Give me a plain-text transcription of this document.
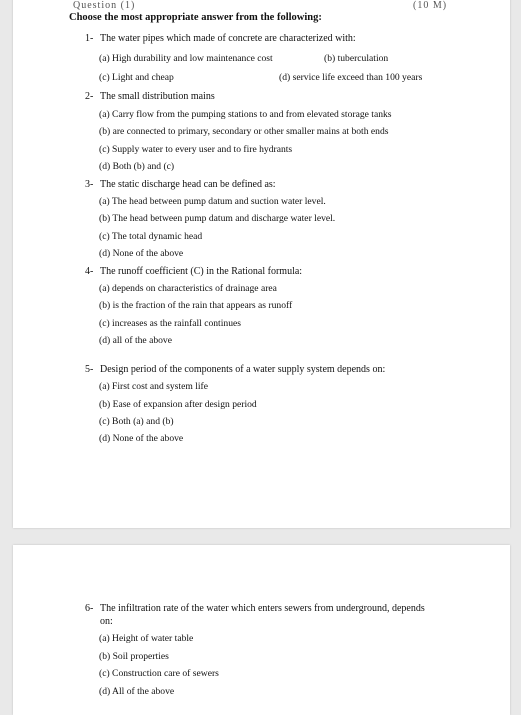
Question (1)	(10 M)
Choose the most appropriate answer from the following:
1- The water pipes which made of concrete are characterized with:
(a) High durability and low maintenance cost	(b) tuberculation
(c) Light and cheap	(d) service life exceed than 100 years
2- The small distribution mains
(a) Carry flow from the pumping stations to and from elevated storage tanks
(b) are connected to primary, secondary or other smaller mains at both ends
(c) Supply water to every user and to fire hydrants
(d) Both (b) and (c)
3- The static discharge head can be defined as:
(a) The head between pump datum and suction water level.
(b) The head between pump datum and discharge water level.
(c) The total dynamic head
(d) None of the above
4- The runoff coefficient (C) in the Rational formula:
(a) depends on characteristics of drainage area
(b) is the fraction of the rain that appears as runoff
(c) increases as the rainfall continues
(d) all of the above
5- Design period of the components of a water supply system depends on:
(a) First cost and system life
(b) Ease of expansion after design period
(c) Both (a) and (b)
(d) None of the above
6- The infiltration rate of the water which enters sewers from underground, depends
on:
(a) Height of water table
(b) Soil properties
(c) Construction care of sewers
(d) All of the above
